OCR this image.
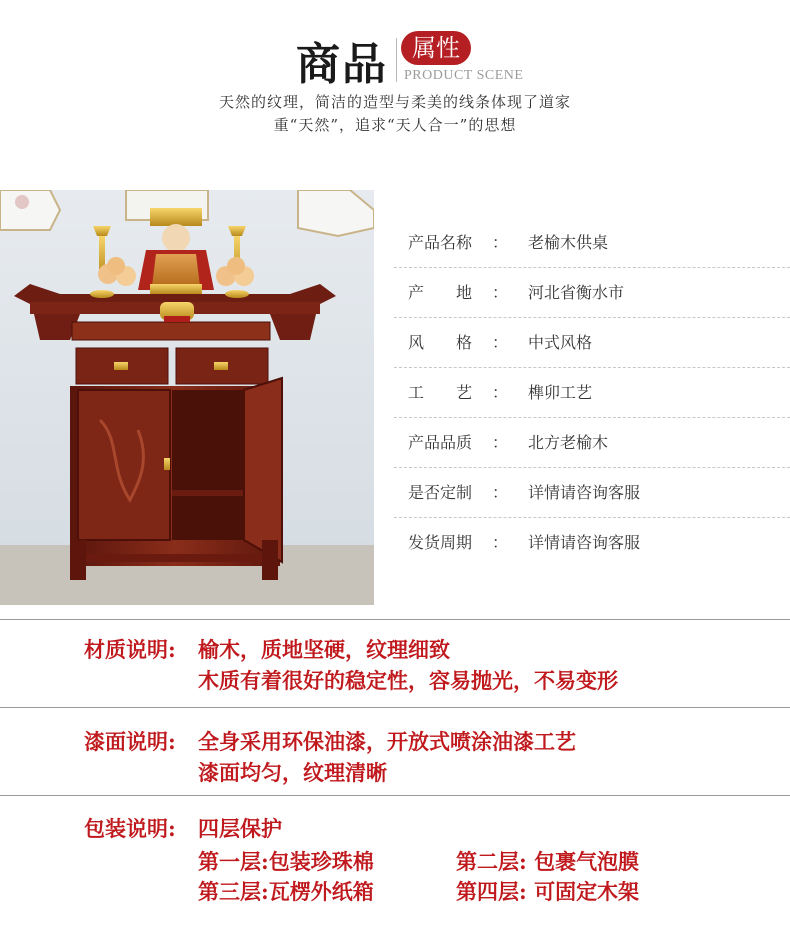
商品	属性
PRODUCT SCENE
天然的纹理，简洁的造型与柔美的线条体现了道家
重“天然”，追求“天人合一”的思想
产品名称 ： 老榆木供桌
产　　地 ： 河北省衡水市
风　　格 ： 中式风格
工　　艺 ： 榫卯工艺
产品品质 ： 北方老榆木
是否定制 ： 详情请咨询客服
发货周期 ： 详情请咨询客服
材质说明: 榆木，质地坚硬，纹理细致
木质有着很好的稳定性，容易抛光，不易变形
漆面说明: 全身采用环保油漆，开放式喷涂油漆工艺
漆面均匀，纹理清晰
包装说明: 四层保护
第一层:包装珍珠棉	第二层: 包裹气泡膜
第三层:瓦楞外纸箱	第四层: 可固定木架
